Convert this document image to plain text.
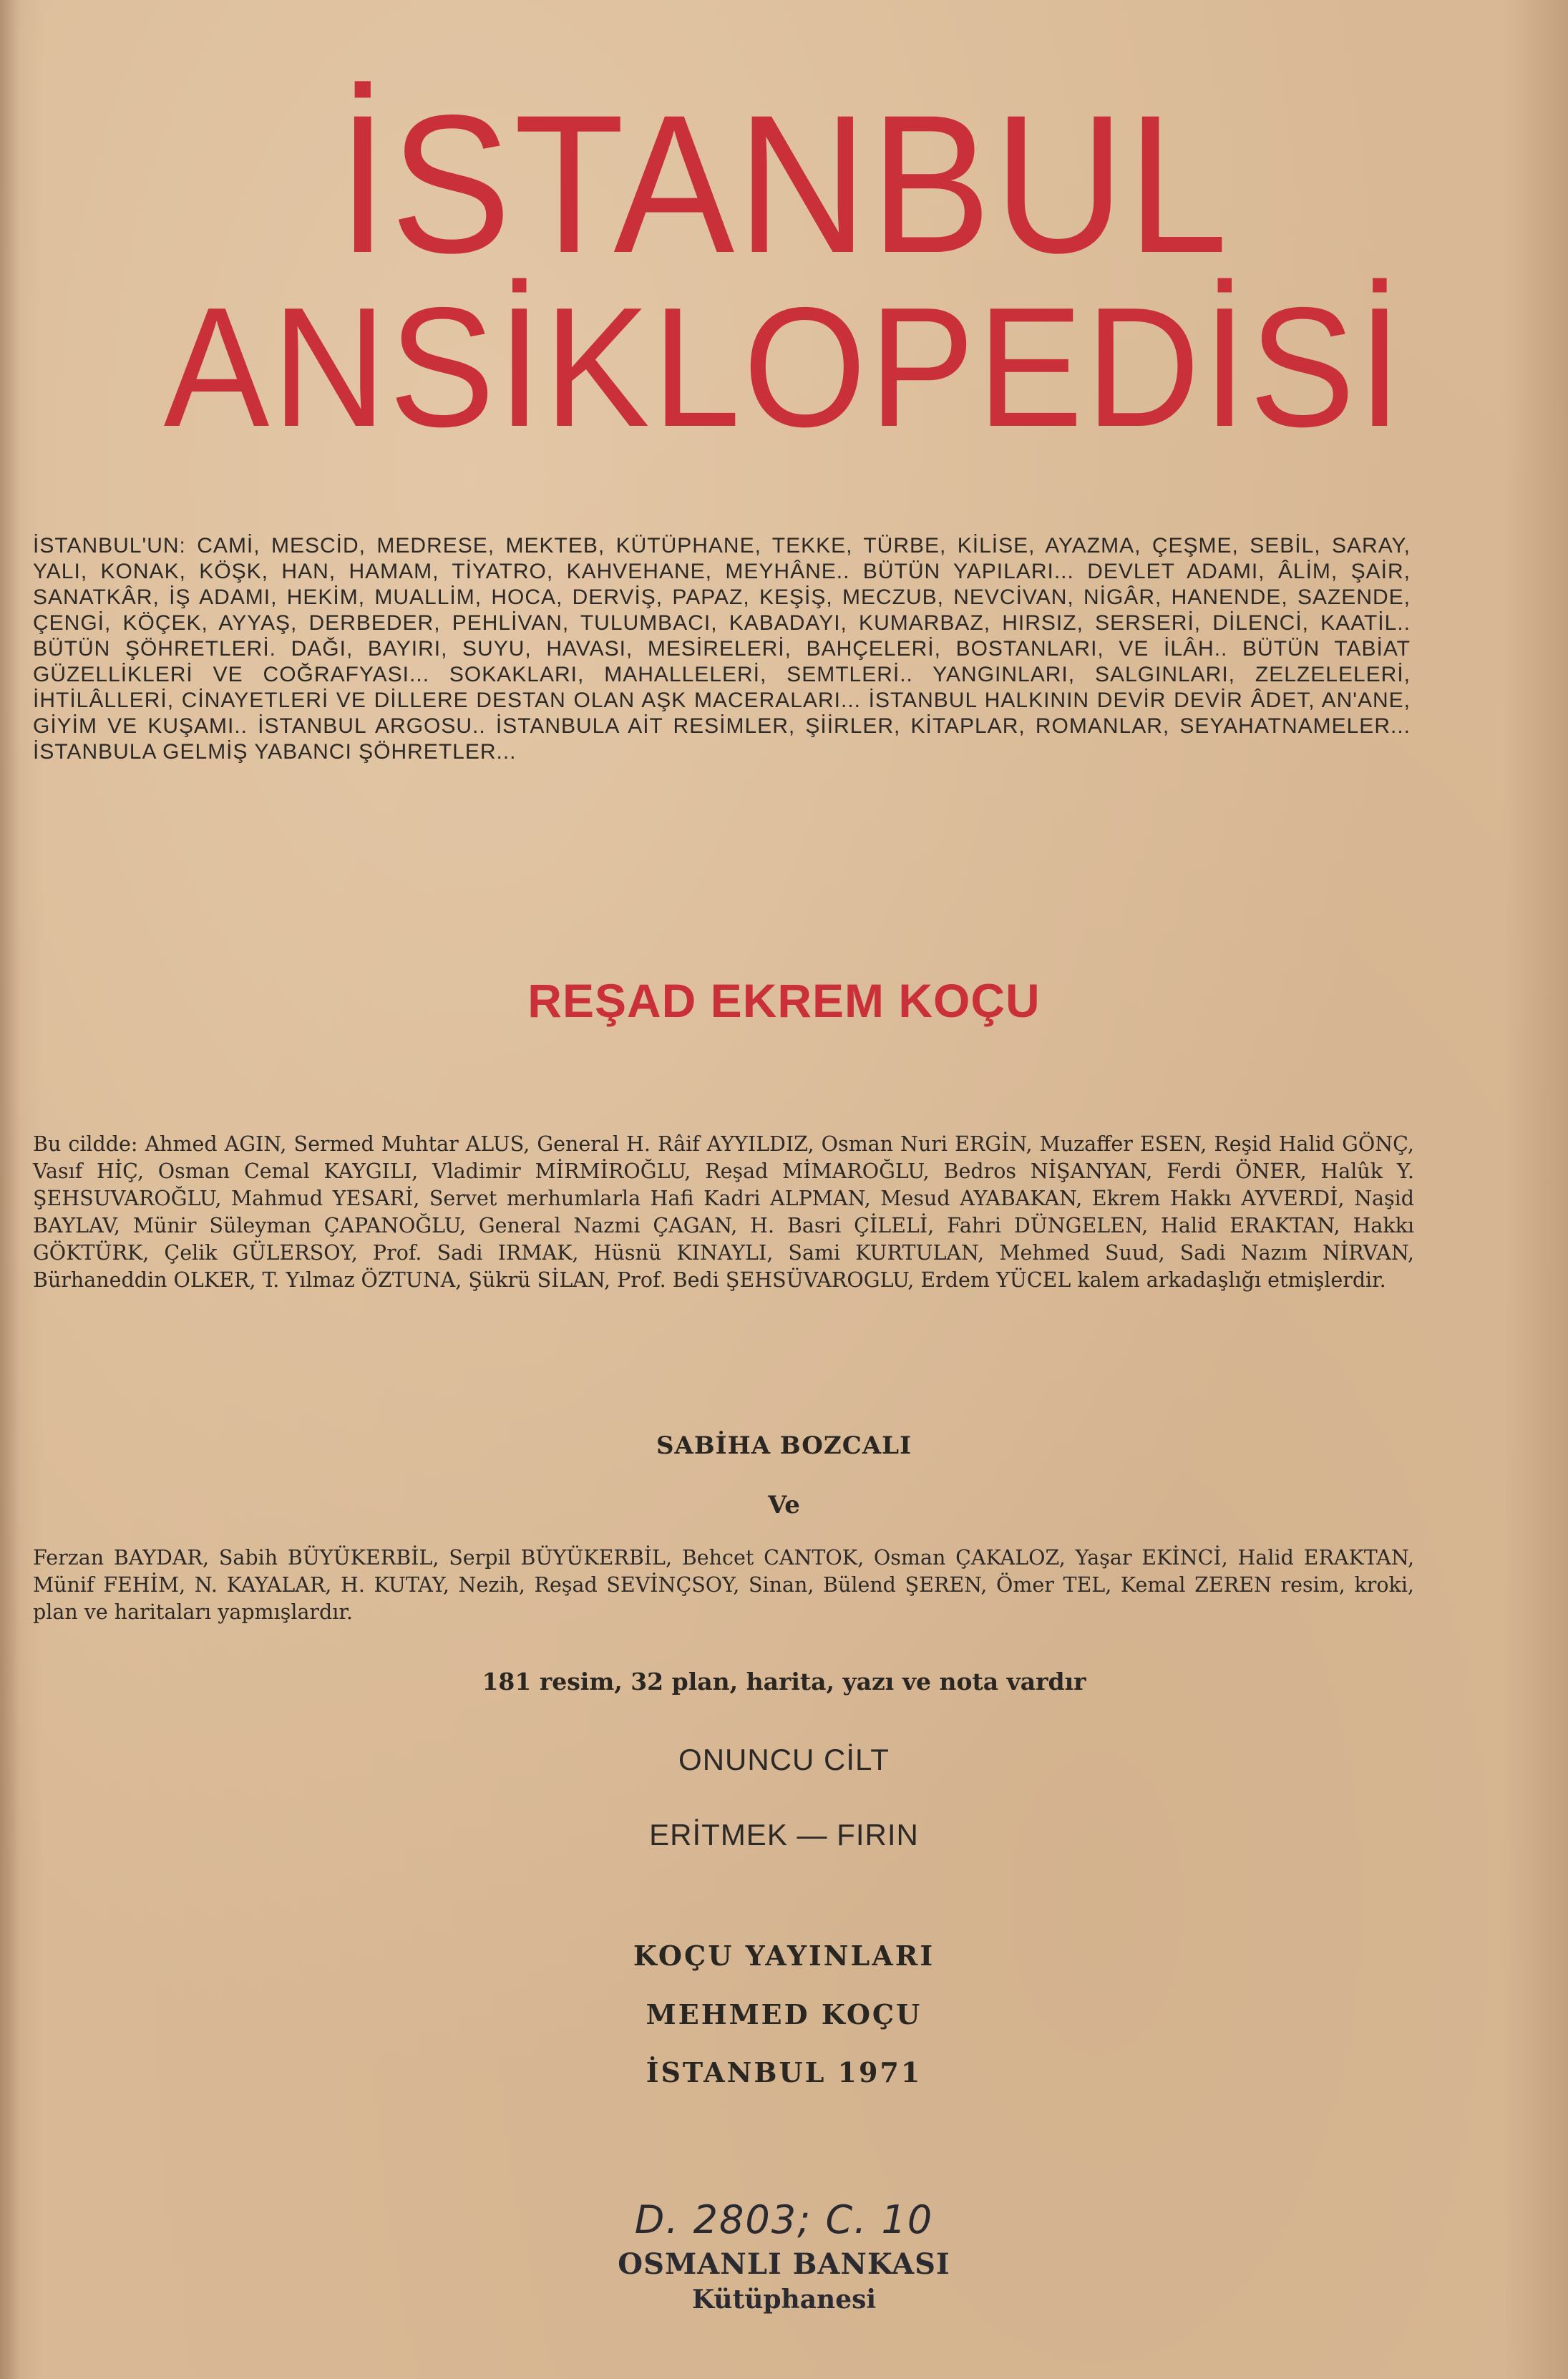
İSTANBUL
ANSİKLOPEDİSİ

İSTANBUL'UN: CAMİ, MESCİD, MEDRESE, MEKTEB, KÜTÜPHANE, TEKKE, TÜRBE, KİLİSE, AYAZMA, ÇEŞME, SEBİL, SARAY, YALI, KONAK, KÖŞK, HAN, HAMAM, TİYATRO, KAHVEHANE, MEYHÂNE.. BÜTÜN YAPILARI... DEVLET ADAMI, ÂLİM, ŞAİR, SANATKÂR, İŞ ADAMI, HEKİM, MUALLİM, HOCA, DERVİŞ, PAPAZ, KEŞİŞ, MECZUB, NEVCİVAN, NİGÂR, HANENDE, SAZENDE, ÇENGİ, KÖÇEK, AYYAŞ, DERBEDER, PEHLİVAN, TULUMBACI, KABADAYI, KUMARBAZ, HIRSIZ, SERSERİ, DİLENCİ, KAATİL.. BÜTÜN ŞÖHRETLERİ. DAĞI, BAYIRI, SUYU, HAVASI, MESİRELERİ, BAHÇELERİ, BOSTANLARI, VE İLÂH.. BÜTÜN TABİAT GÜZELLİKLERİ VE COĞRAFYASI... SOKAKLARI, MAHALLELERİ, SEMTLERİ.. YANGINLARI, SALGINLARI, ZELZELELERİ, İHTİLÂLLERİ, CİNAYETLERİ VE DİLLERE DESTAN OLAN AŞK MACERALARI... İSTANBUL HALKININ DEVİR DEVİR ÂDET, AN'ANE, GİYİM VE KUŞAMI.. İSTANBUL ARGOSU.. İSTANBULA AİT RESİMLER, ŞİİRLER, KİTAPLAR, ROMANLAR, SEYAHATNAMELER... İSTANBULA GELMİŞ YABANCI ŞÖHRETLER...

REŞAD EKREM KOÇU

Bu cildde: Ahmed AGIN, Sermed Muhtar ALUS, General H. Râif AYYILDIZ, Osman Nuri ERGİN, Muzaffer ESEN, Reşid Halid GÖNÇ, Vasıf HİÇ, Osman Cemal KAYGILI, Vladimir MİRMİROĞLU, Reşad MİMAROĞLU, Bedros NİŞANYAN, Ferdi ÖNER, Halûk Y. ŞEHSUVAROĞLU, Mahmud YESARİ, Servet merhumlarla Hafi Kadri ALPMAN, Mesud AYABAKAN, Ekrem Hakkı AYVERDİ, Naşid BAYLAV, Münir Süleyman ÇAPANOĞLU, General Nazmi ÇAGAN, H. Basri ÇİLELİ, Fahri DÜNGELEN, Halid ERAKTAN, Hakkı GÖKTÜRK, Çelik GÜLERSOY, Prof. Sadi IRMAK, Hüsnü KINAYLI, Sami KURTULAN, Mehmed Suud, Sadi Nazım NİRVAN, Bürhaneddin OLKER, T. Yılmaz ÖZTUNA, Şükrü SİLAN, Prof. Bedi ŞEHSÜVAROGLU, Erdem YÜCEL kalem arkadaşlığı etmişlerdir.

SABİHA BOZCALI

Ve

Ferzan BAYDAR, Sabih BÜYÜKERBİL, Serpil BÜYÜKERBİL, Behcet CANTOK, Osman ÇAKALOZ, Yaşar EKİNCİ, Halid ERAKTAN, Münif FEHİM, N. KAYALAR, H. KUTAY, Nezih, Reşad SEVİNÇSOY, Sinan, Bülend ŞEREN, Ömer TEL, Kemal ZEREN resim, kroki, plan ve haritaları yapmışlardır.

181 resim, 32 plan, harita, yazı ve nota vardır

ONUNCU CİLT

ERİTMEK — FIRIN

KOÇU YAYINLARI

MEHMED KOÇU

İSTANBUL 1971

D. 2803; C. 10
OSMANLI BANKASI
Kütüphanesi
